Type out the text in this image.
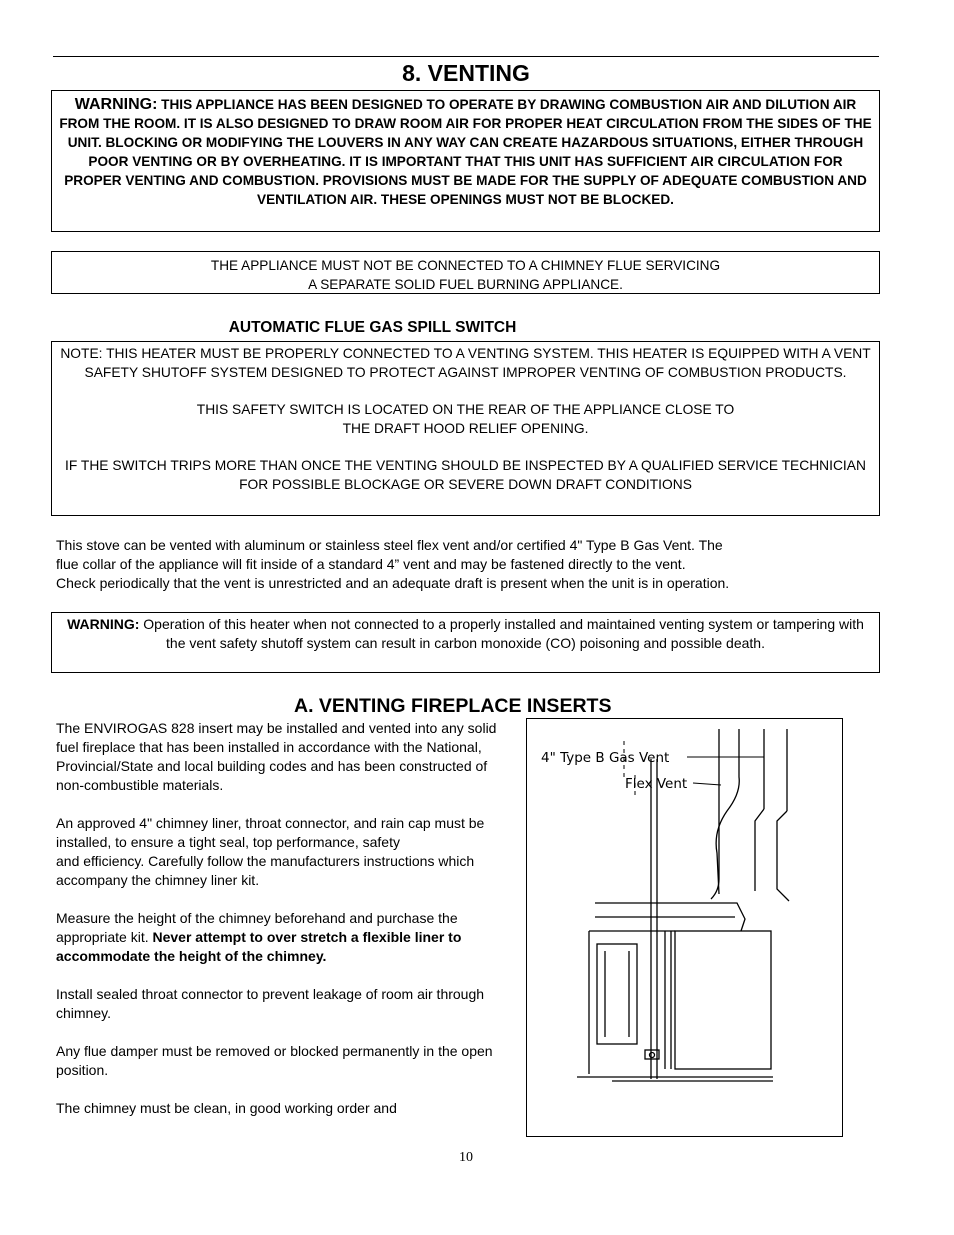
8. VENTING
WARNING: THIS APPLIANCE HAS BEEN DESIGNED TO OPERATE BY DRAWING COMBUSTION AIR AND DILUTION AIR FROM THE ROOM. IT IS ALSO DESIGNED TO DRAW ROOM AIR FOR PROPER HEAT CIRCULATION FROM THE SIDES OF THE UNIT. BLOCKING OR MODIFYING THE LOUVERS IN ANY WAY CAN CREATE HAZARDOUS SITUATIONS, EITHER THROUGH POOR VENTING OR BY OVERHEATING. IT IS IMPORTANT THAT THIS UNIT HAS SUFFICIENT AIR CIRCULATION FOR PROPER VENTING AND COMBUSTION. PROVISIONS MUST BE MADE FOR THE SUPPLY OF ADEQUATE COMBUSTION AND VENTILATION AIR. THESE OPENINGS MUST NOT BE BLOCKED.
THE APPLIANCE MUST NOT BE CONNECTED TO A CHIMNEY FLUE SERVICING
A SEPARATE SOLID FUEL BURNING APPLIANCE.
AUTOMATIC FLUE GAS SPILL SWITCH

NOTE: THIS HEATER MUST BE PROPERLY CONNECTED TO A VENTING SYSTEM. THIS HEATER IS EQUIPPED WITH A VENT SAFETY SHUTOFF SYSTEM DESIGNED TO PROTECT AGAINST IMPROPER VENTING OF COMBUSTION PRODUCTS.

THIS SAFETY SWITCH IS LOCATED ON THE REAR OF THE APPLIANCE CLOSE TO
THE DRAFT HOOD RELIEF OPENING.

IF THE SWITCH TRIPS MORE THAN ONCE THE VENTING SHOULD BE INSPECTED BY A QUALIFIED SERVICE TECHNICIAN FOR POSSIBLE BLOCKAGE OR SEVERE DOWN DRAFT CONDITIONS

This stove can be vented with aluminum or stainless steel flex vent and/or certified 4" Type B Gas Vent. The
flue collar of the appliance will fit inside of a standard 4” vent and may be fastened directly to the vent.
Check periodically that the vent is unrestricted and an adequate draft is present when the unit is in operation.
WARNING: Operation of this heater when not connected to a properly installed and maintained venting system or tampering with the vent safety shutoff system can result in carbon monoxide (CO) poisoning and possible death.
A. VENTING FIREPLACE INSERTS

The ENVIROGAS 828 insert may be installed and vented into any solid fuel fireplace that has been installed in accordance with the National, Provincial/State and local building codes and has been constructed of non-combustible materials.

An approved 4" chimney liner, throat connector, and rain cap must be installed, to ensure a tight seal, top performance, safety
and efficiency. Carefully follow the manufacturers instructions which accompany the chimney liner kit.

Measure the height of the chimney beforehand and purchase the appropriate kit. Never attempt to over stretch a flexible liner to accommodate the height of the chimney.

Install sealed throat connector to prevent leakage of room air through chimney.

Any flue damper must be removed or blocked permanently in the open position.

The chimney must be clean, in good working order and

4" Type B Gas Vent
Flex Vent
10
